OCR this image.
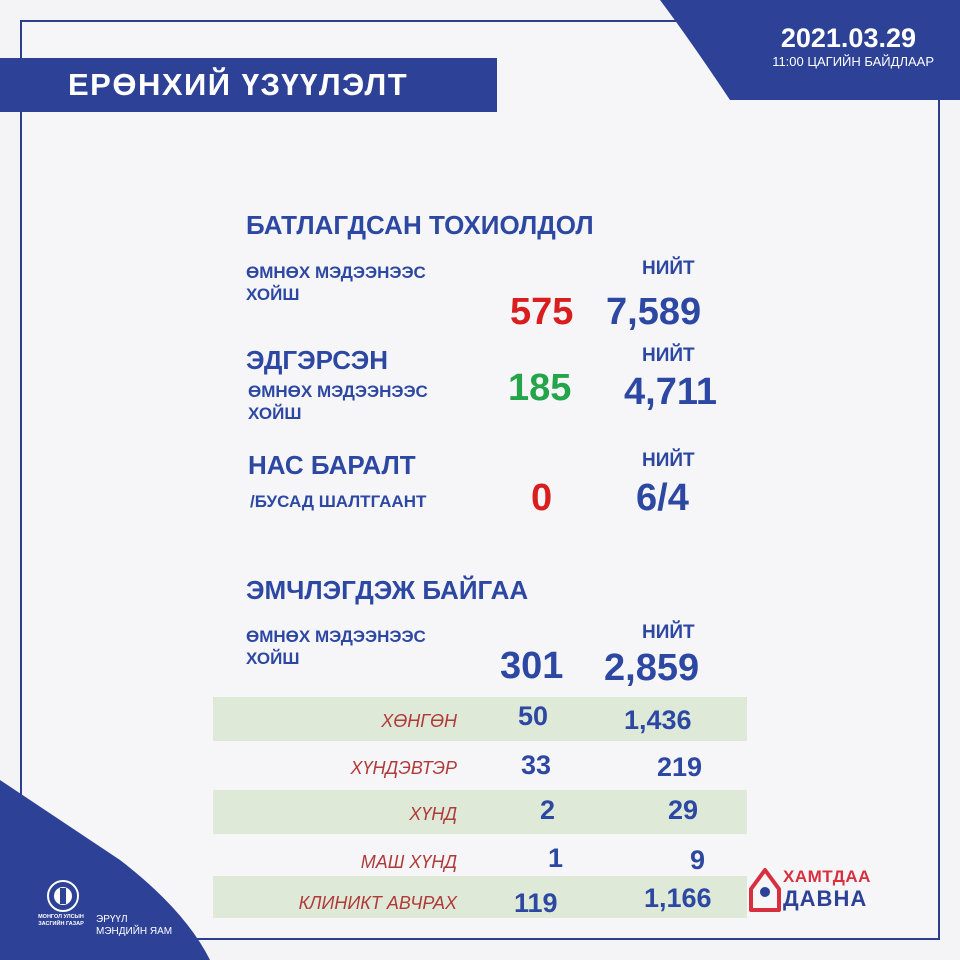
2021.03.29
11:00 ЦАГИЙН БАЙДЛААР
ЕРӨНХИЙ ҮЗҮҮЛЭЛТ
БАТЛАГДСАН ТОХИОЛДОЛ
ӨМНӨХ МЭДЭЭНЭЭС
ХОЙШ
НИЙТ
575 7,589
ЭДГЭРСЭН	НИЙТ
ӨМНӨХ МЭДЭЭНЭЭС
ХОЙШ
185 4,711
НАС БАРАЛТ	НИЙТ
/БУСАД ШАЛТГААНТ	0 6/4
ЭМЧЛЭГДЭЖ БАЙГАА
ӨМНӨХ МЭДЭЭНЭЭС
ХОЙШ
НИЙТ
301 2,859
ХӨНГӨН 50	1,436
ХҮНДЭВТЭР 33	219
ХҮНД	2	29
МАШ ХҮНД	1	9
КЛИНИКТ АВЧРАХ 119	1,166
МОНГОЛ УЛСЫН ЗАСГИЙН ГАЗАР	ЭРҮҮЛ
МЭНДИЙН ЯАМ
ХАМТДАА
ДАВНА
